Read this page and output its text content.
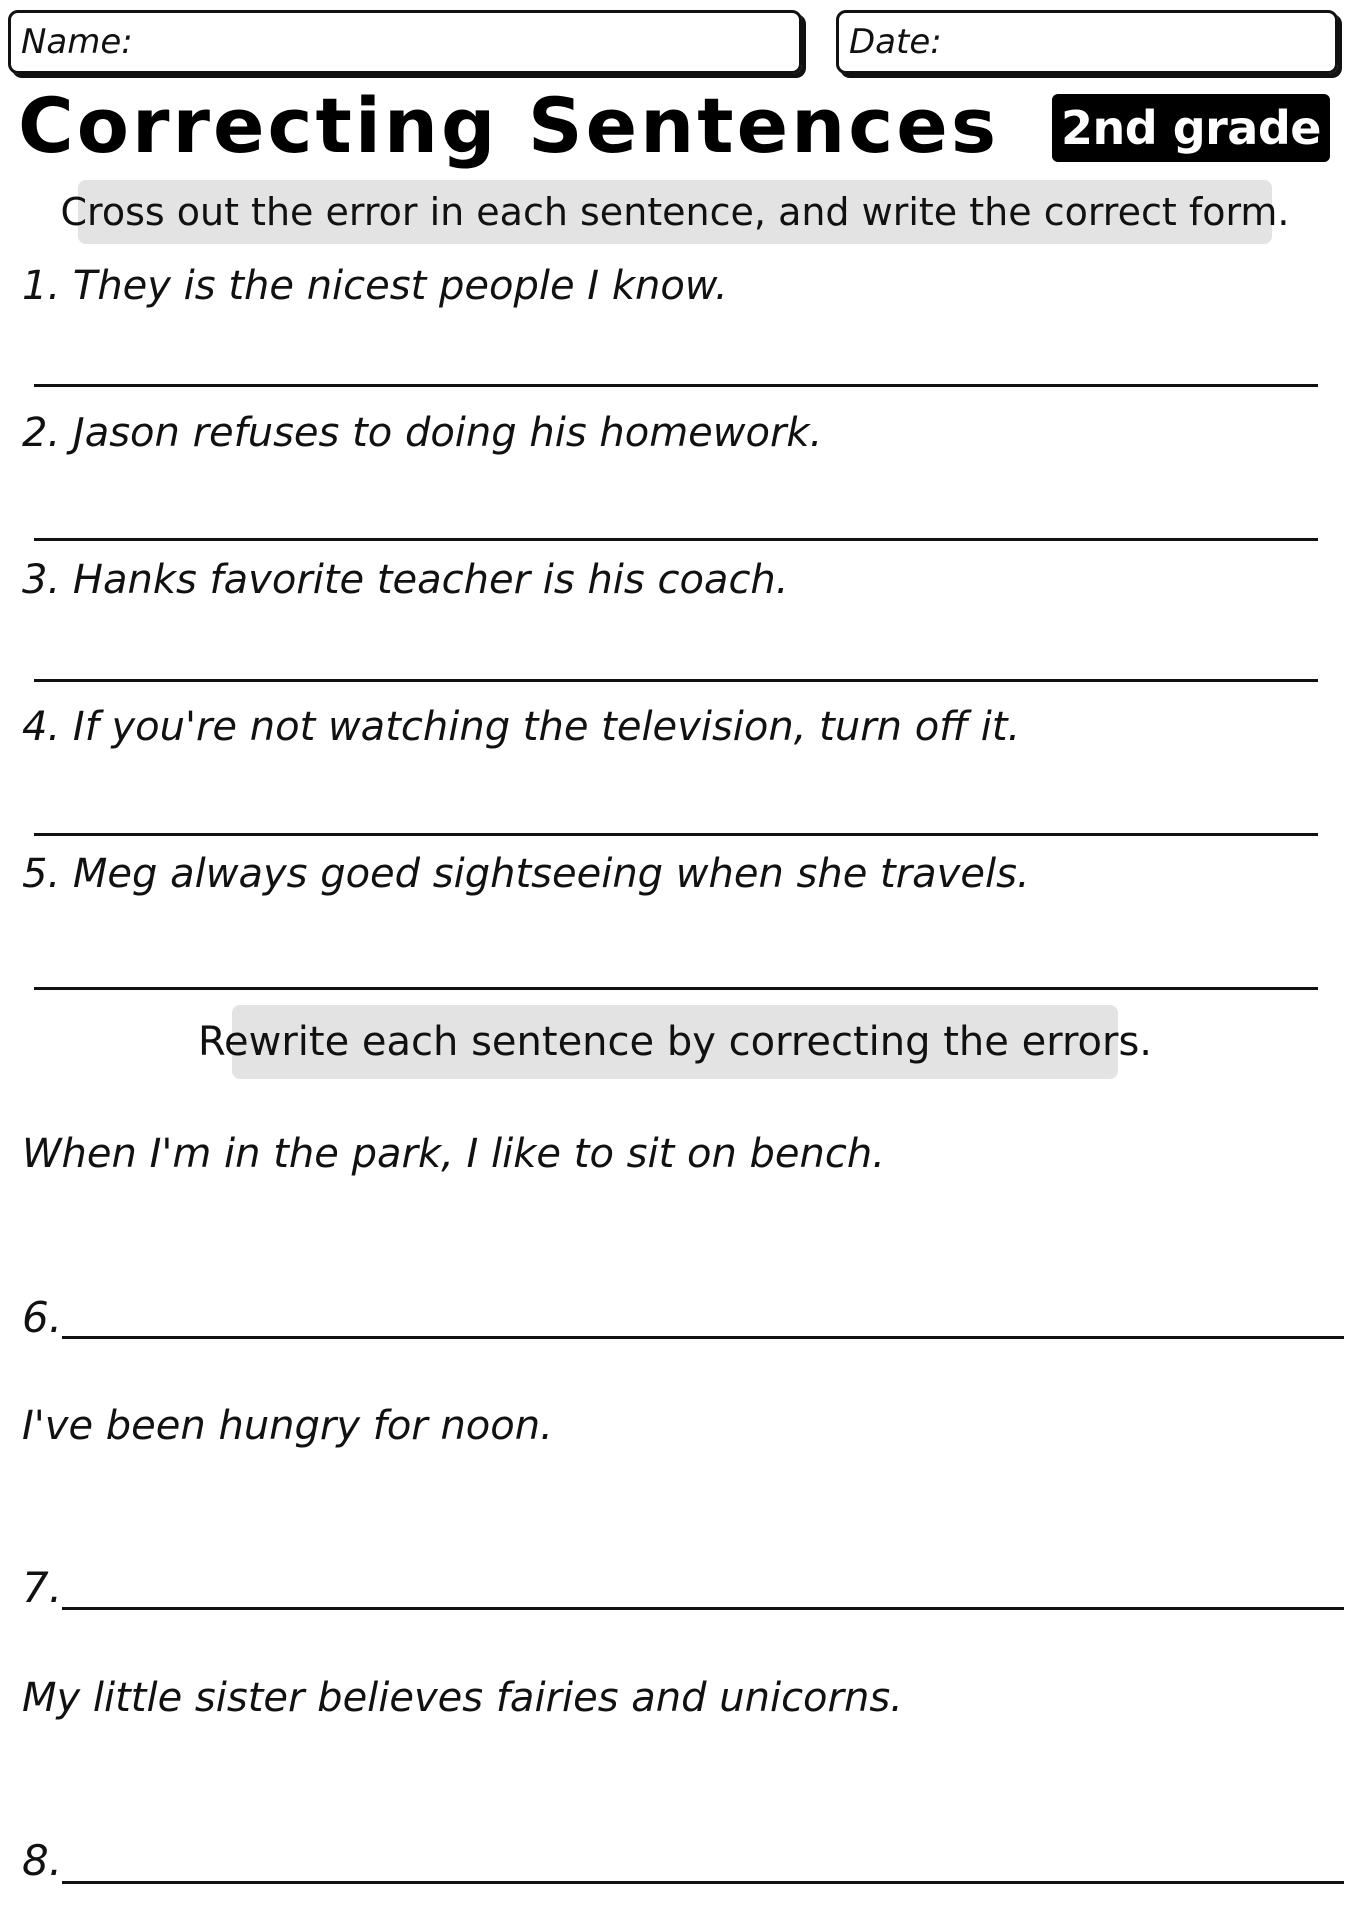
Name:	Date:
Correcting Sentences 2nd grade
Cross out the error in each sentence, and write the correct form.
1. They is the nicest people I know.
2. Jason refuses to doing his homework.
3. Hanks favorite teacher is his coach.
4. If you're not watching the television, turn off it.
5. Meg always goed sightseeing when she travels.
Rewrite each sentence by correcting the errors.
When I'm in the park, I like to sit on bench.
6.
I've been hungry for noon.
7.
My little sister believes fairies and unicorns.
8.
